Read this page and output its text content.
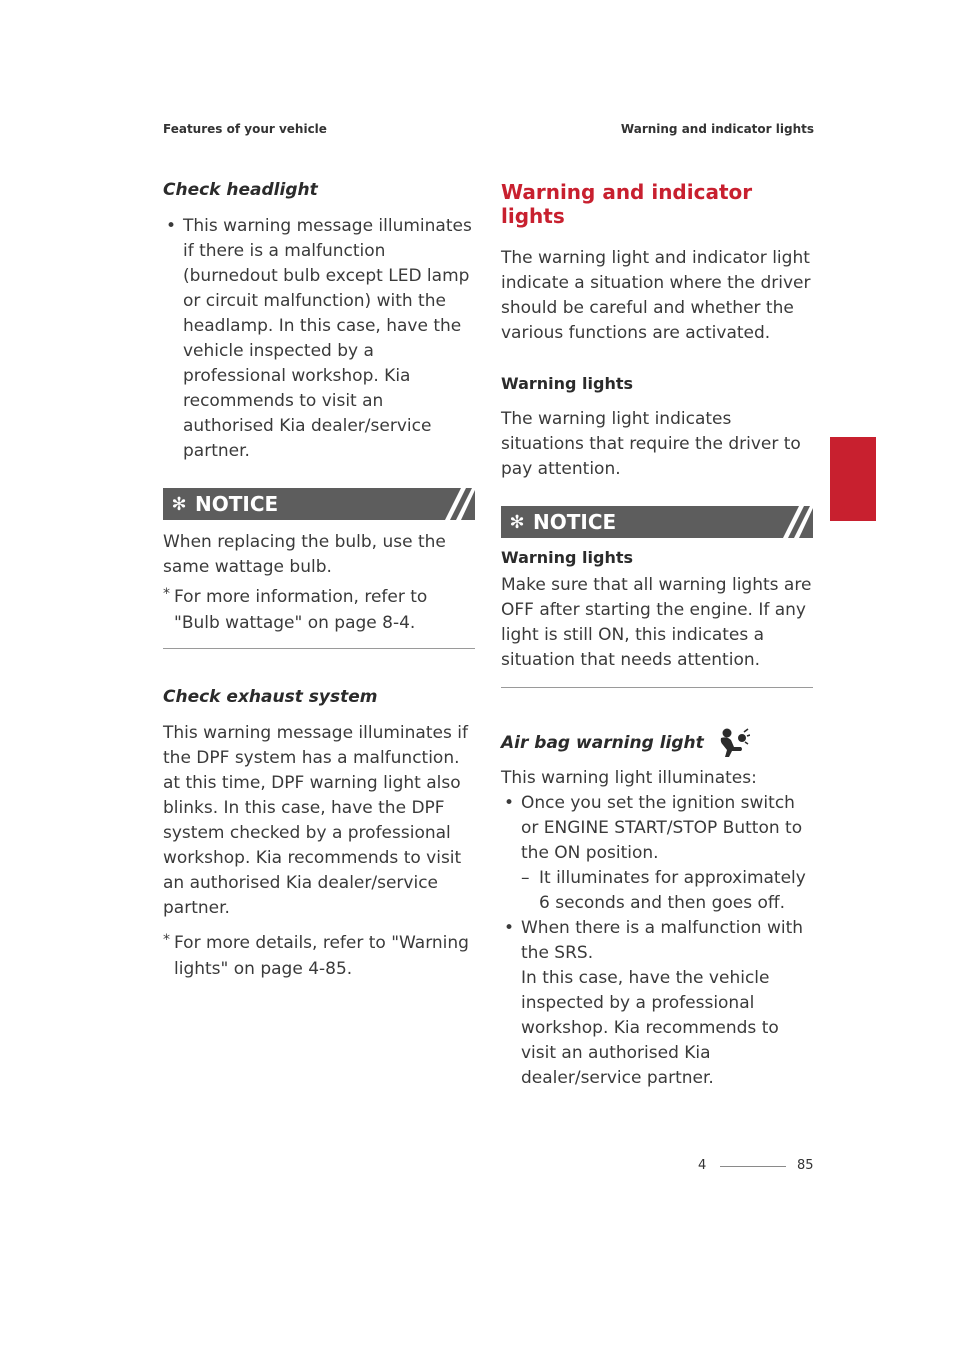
Features of your vehicle	Warning and indicator lights
Check headlight
• This warning message illuminates if there is a malfunction (burnedout bulb except LED lamp or circuit malfunction) with the headlamp. In this case, have the vehicle inspected by a professional workshop. Kia recommends to visit an authorised Kia dealer/service partner.
✻ NOTICE

When replacing the bulb, use the same wattage bulb.

* For more information, refer to "Bulb wattage" on page 8-4.
Check exhaust system

This warning message illuminates if the DPF system has a malfunction. at this time, DPF warning light also blinks. In this case, have the DPF system checked by a professional workshop. Kia recommends to visit an authorised Kia dealer/service partner.

* For more details, refer to "Warning lights" on page 4-85.
Warning and indicator lights

The warning light and indicator light indicate a situation where the driver should be careful and whether the various functions are activated.

Warning lights

The warning light indicates situations that require the driver to pay attention.

✻ NOTICE
Warning lights

Make sure that all warning lights are OFF after starting the engine. If any light is still ON, this indicates a situation that needs attention.

Air bag warning light

This warning light illuminates:

• Once you set the ignition switch or ENGINE START/STOP Button to the ON position.
– It illuminates for approximately 6 seconds and then goes off.
• When there is a malfunction with the SRS.
In this case, have the vehicle inspected by a professional workshop. Kia recommends to visit an authorised Kia dealer/service partner.
4
4	85
